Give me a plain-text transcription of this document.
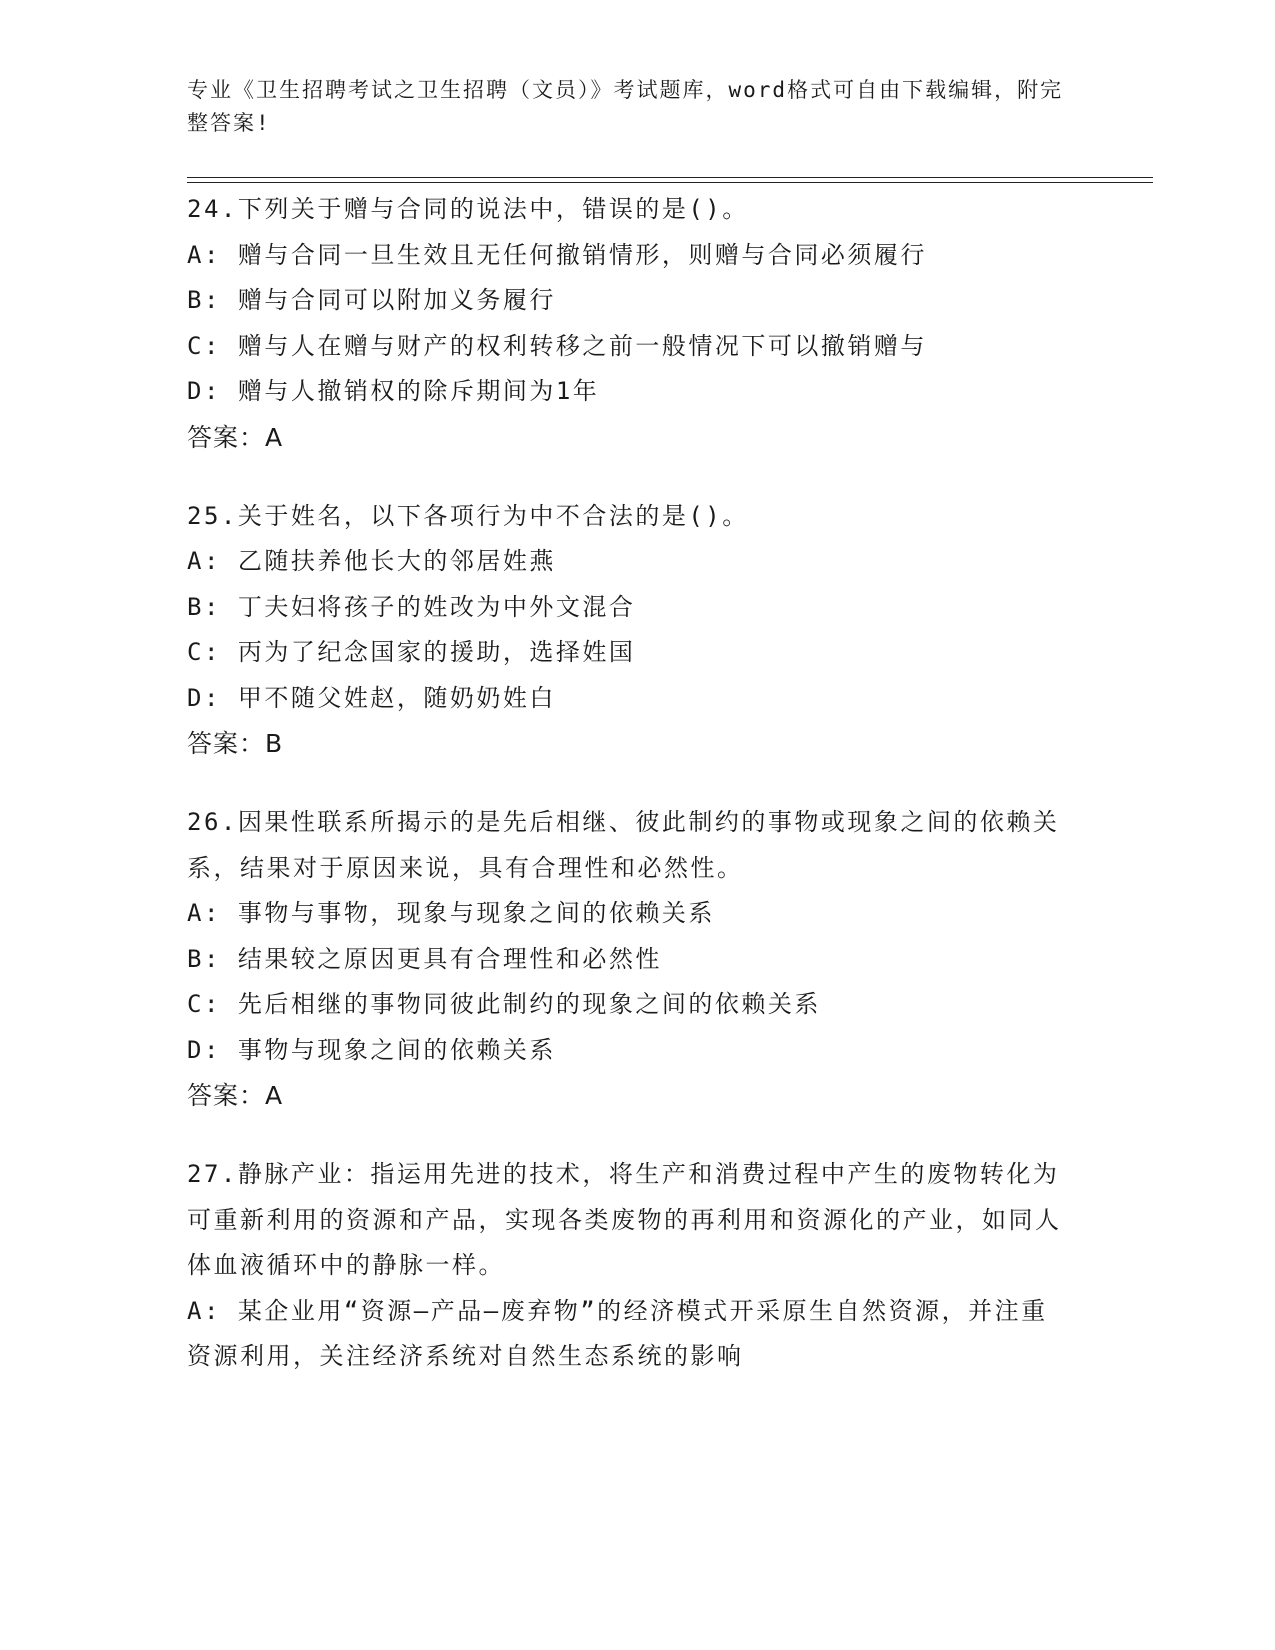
专业《卫生招聘考试之卫生招聘（文员）》考试题库，word格式可自由下载编辑，附完整答案!
24.下列关于赠与合同的说法中，错误的是()。
A: 赠与合同一旦生效且无任何撤销情形，则赠与合同必须履行
B: 赠与合同可以附加义务履行
C: 赠与人在赠与财产的权利转移之前一般情况下可以撤销赠与
D: 赠与人撤销权的除斥期间为1年
答案：A
25.关于姓名，以下各项行为中不合法的是()。
A: 乙随扶养他长大的邻居姓燕
B: 丁夫妇将孩子的姓改为中外文混合
C: 丙为了纪念国家的援助，选择姓国
D: 甲不随父姓赵，随奶奶姓白
答案：B
26.因果性联系所揭示的是先后相继、彼此制约的事物或现象之间的依赖关系，结果对于原因来说，具有合理性和必然性。
A: 事物与事物，现象与现象之间的依赖关系
B: 结果较之原因更具有合理性和必然性
C: 先后相继的事物同彼此制约的现象之间的依赖关系
D: 事物与现象之间的依赖关系
答案：A
27.静脉产业：指运用先进的技术，将生产和消费过程中产生的废物转化为可重新利用的资源和产品，实现各类废物的再利用和资源化的产业，如同人体血液循环中的静脉一样。
A: 某企业用“资源—产品—废弃物”的经济模式开采原生自然资源，并注重资源利用，关注经济系统对自然生态系统的影响
